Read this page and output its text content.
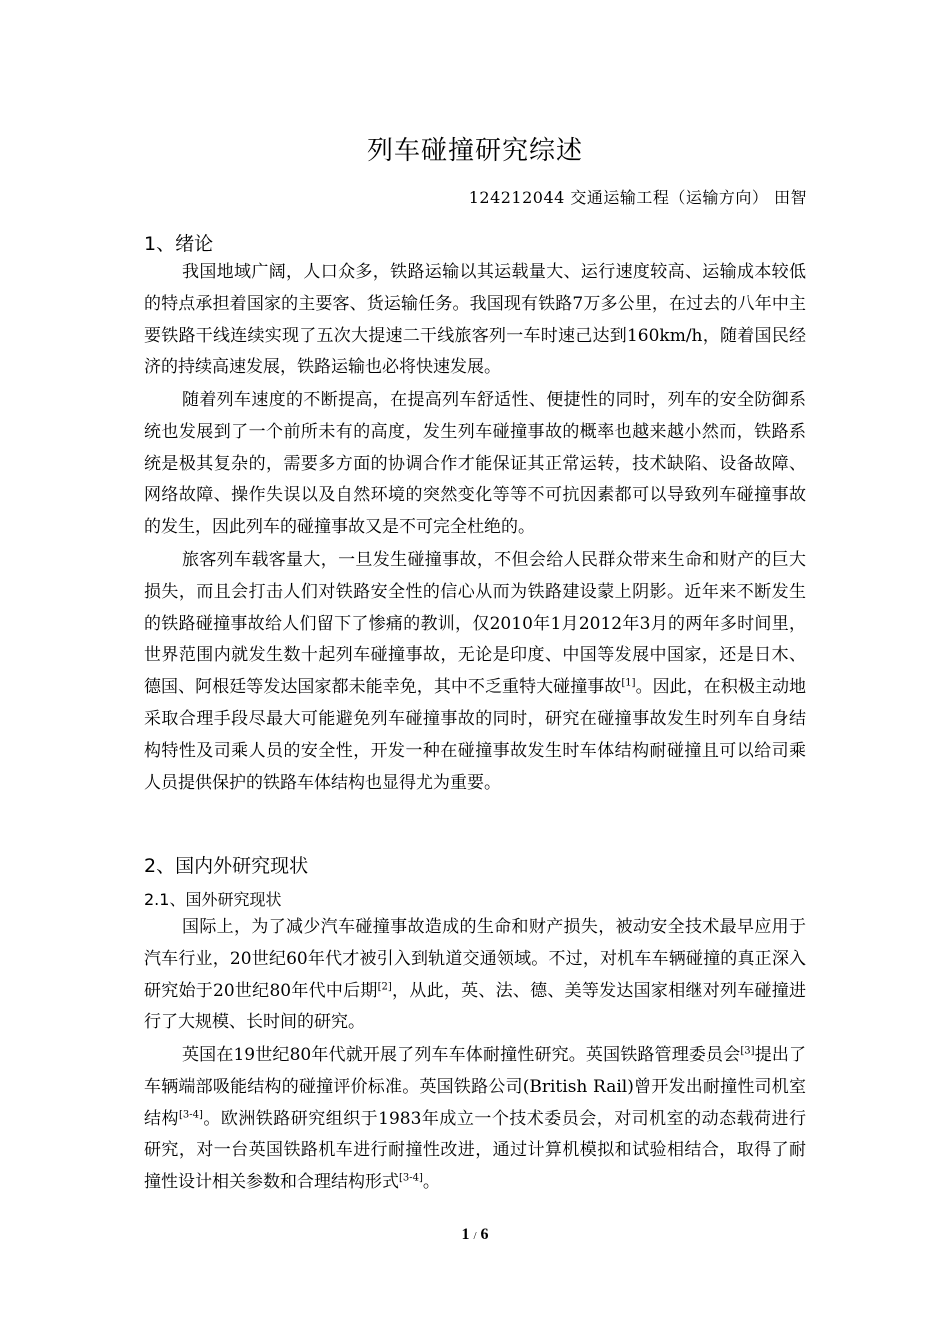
列车碰撞研究综述
124212044 交通运输工程（运输方向） 田智
1、绪论

我国地域广阔，人口众多，铁路运输以其运载量大、运行速度较高、运输成本较低的特点承担着国家的主要客、货运输任务。我国现有铁路7万多公里，在过去的八年中主要铁路干线连续实现了五次大提速二干线旅客列一车时速己达到160km/h，随着国民经济的持续高速发展，铁路运输也必将快速发展。

随着列车速度的不断提高，在提高列车舒适性、便捷性的同时，列车的安全防御系统也发展到了一个前所未有的高度，发生列车碰撞事故的概率也越来越小然而，铁路系统是极其复杂的，需要多方面的协调合作才能保证其正常运转，技术缺陷、设备故障、网络故障、操作失误以及自然环境的突然变化等等不可抗因素都可以导致列车碰撞事故的发生，因此列车的碰撞事故又是不可完全杜绝的。

旅客列车载客量大，一旦发生碰撞事故，不但会给人民群众带来生命和财产的巨大损失，而且会打击人们对铁路安全性的信心从而为铁路建设蒙上阴影。近年来不断发生的铁路碰撞事故给人们留下了惨痛的教训，仅2010年1月2012年3月的两年多时间里，世界范围内就发生数十起列车碰撞事故，无论是印度、中国等发展中国家，还是日木、德国、阿根廷等发达国家都未能幸免，其中不乏重特大碰撞事故[1]。因此，在积极主动地采取合理手段尽最大可能避免列车碰撞事故的同时，研究在碰撞事故发生时列车自身结构特性及司乘人员的安全性，开发一种在碰撞事故发生时车体结构耐碰撞且可以给司乘人员提供保护的铁路车体结构也显得尤为重要。

2、国内外研究现状
2.1、国外研究现状

国际上，为了减少汽车碰撞事故造成的生命和财产损失，被动安全技术最早应用于汽车行业，20世纪60年代才被引入到轨道交通领域。不过，对机车车辆碰撞的真正深入研究始于20世纪80年代中后期[2]，从此，英、法、德、美等发达国家相继对列车碰撞进行了大规模、长时间的研究。

英国在19世纪80年代就开展了列车车体耐撞性研究。英国铁路管理委员会[3]提出了车辆端部吸能结构的碰撞评价标准。英国铁路公司(British Rail)曾开发出耐撞性司机室结构[3-4]。欧洲铁路研究组织于1983年成立一个技术委员会，对司机室的动态载荷进行研究，对一台英国铁路机车进行耐撞性改进，通过计算机模拟和试验相结合，取得了耐撞性设计相关参数和合理结构形式[3-4]。

1 / 6
